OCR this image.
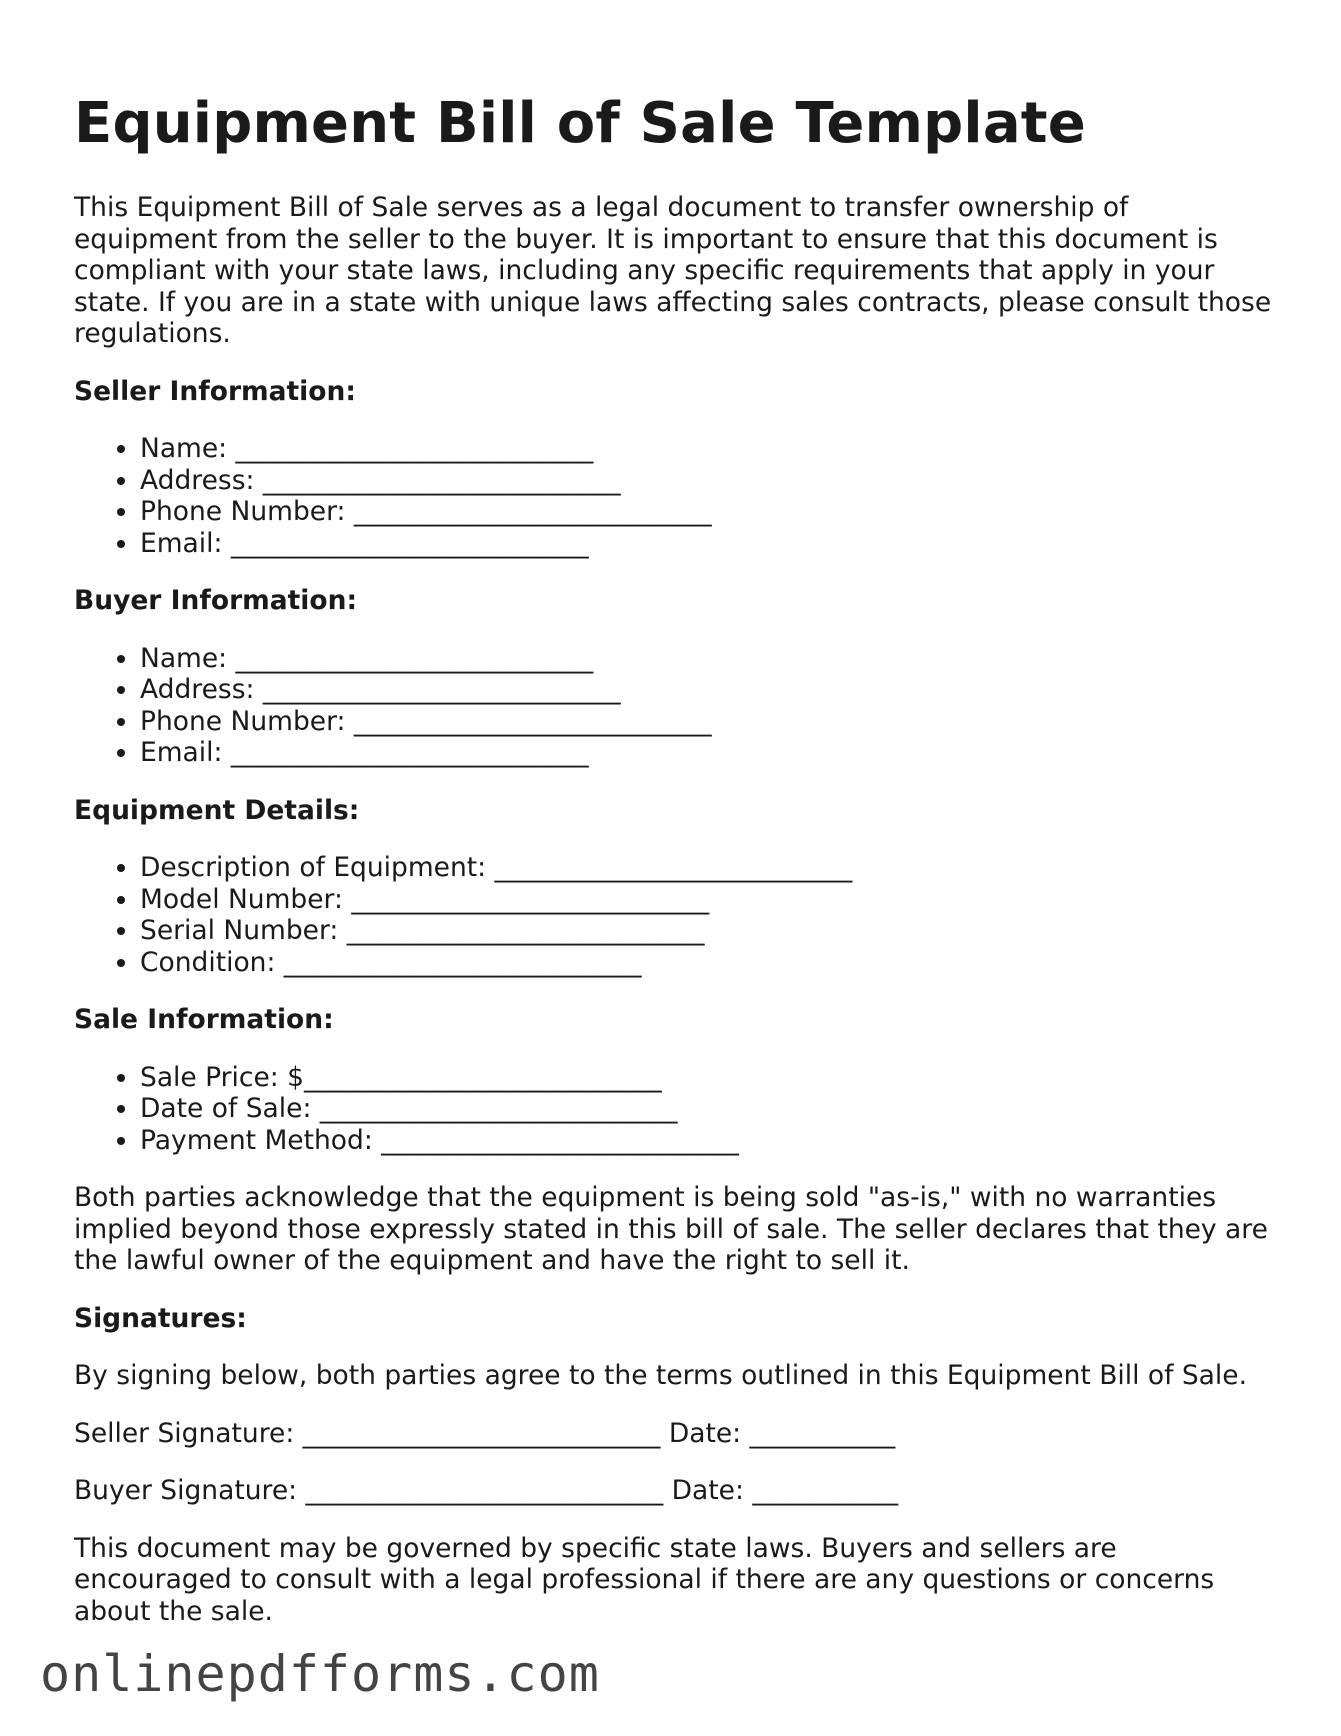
Equipment Bill of Sale Template

This Equipment Bill of Sale serves as a legal document to transfer ownership of equipment from the seller to the buyer. It is important to ensure that this document is compliant with your state laws, including any specific requirements that apply in your state. If you are in a state with unique laws affecting sales contracts, please consult those regulations.

Seller Information:
• Name: ___________________________
• Address: ___________________________
• Phone Number: ___________________________
• Email: ___________________________
Buyer Information:
• Name: ___________________________
• Address: ___________________________
• Phone Number: ___________________________
• Email: ___________________________
Equipment Details:
• Description of Equipment: ___________________________
• Model Number: ___________________________
• Serial Number: ___________________________
• Condition: ___________________________
Sale Information:
• Sale Price: $___________________________
• Date of Sale: ___________________________
• Payment Method: ___________________________

Both parties acknowledge that the equipment is being sold "as-is," with no warranties implied beyond those expressly stated in this bill of sale. The seller declares that they are the lawful owner of the equipment and have the right to sell it.

Signatures:

By signing below, both parties agree to the terms outlined in this Equipment Bill of Sale.

Seller Signature: ___________________________ Date: ___________

Buyer Signature: ___________________________ Date: ___________

This document may be governed by specific state laws. Buyers and sellers are encouraged to consult with a legal professional if there are any questions or concerns about the sale.

onlinepdfforms.com
